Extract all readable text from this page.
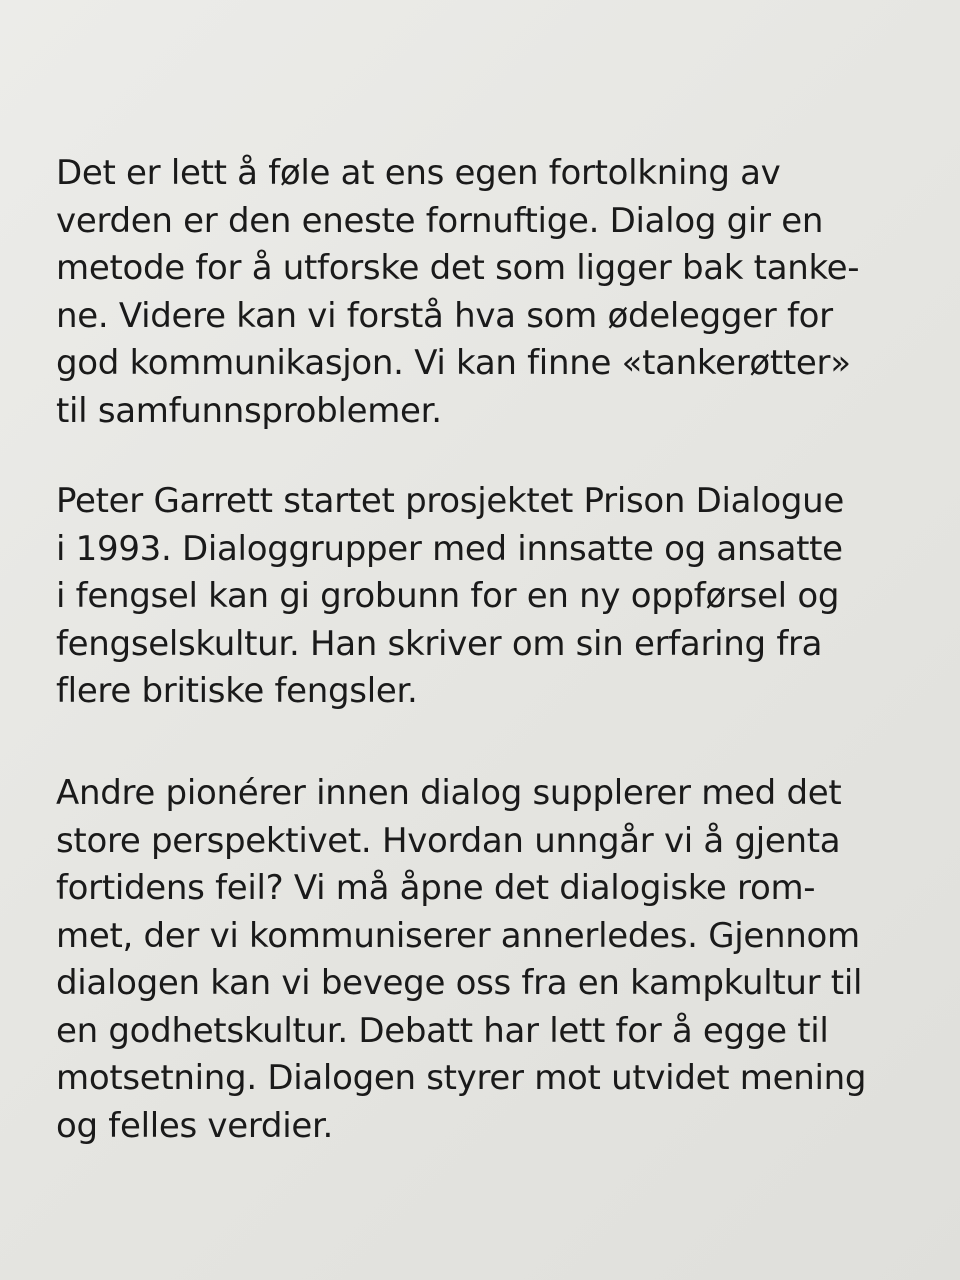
Det er lett å føle at ens egen fortolkning av
verden er den eneste fornuftige. Dialog gir en
metode for å utforske det som ligger bak tanke-
ne. Videre kan vi forstå hva som ødelegger for
god kommunikasjon. Vi kan finne «tankerøtter»
til samfunnsproblemer.

Peter Garrett startet prosjektet Prison Dialogue
i 1993. Dialoggrupper med innsatte og ansatte
i fengsel kan gi grobunn for en ny oppførsel og
fengselskultur. Han skriver om sin erfaring fra
flere britiske fengsler.

Andre pionérer innen dialog supplerer med det
store perspektivet. Hvordan unngår vi å gjenta
fortidens feil? Vi må åpne det dialogiske rom-
met, der vi kommuniserer annerledes. Gjennom
dialogen kan vi bevege oss fra en kampkultur til
en godhetskultur. Debatt har lett for å egge til
motsetning. Dialogen styrer mot utvidet mening
og felles verdier.
